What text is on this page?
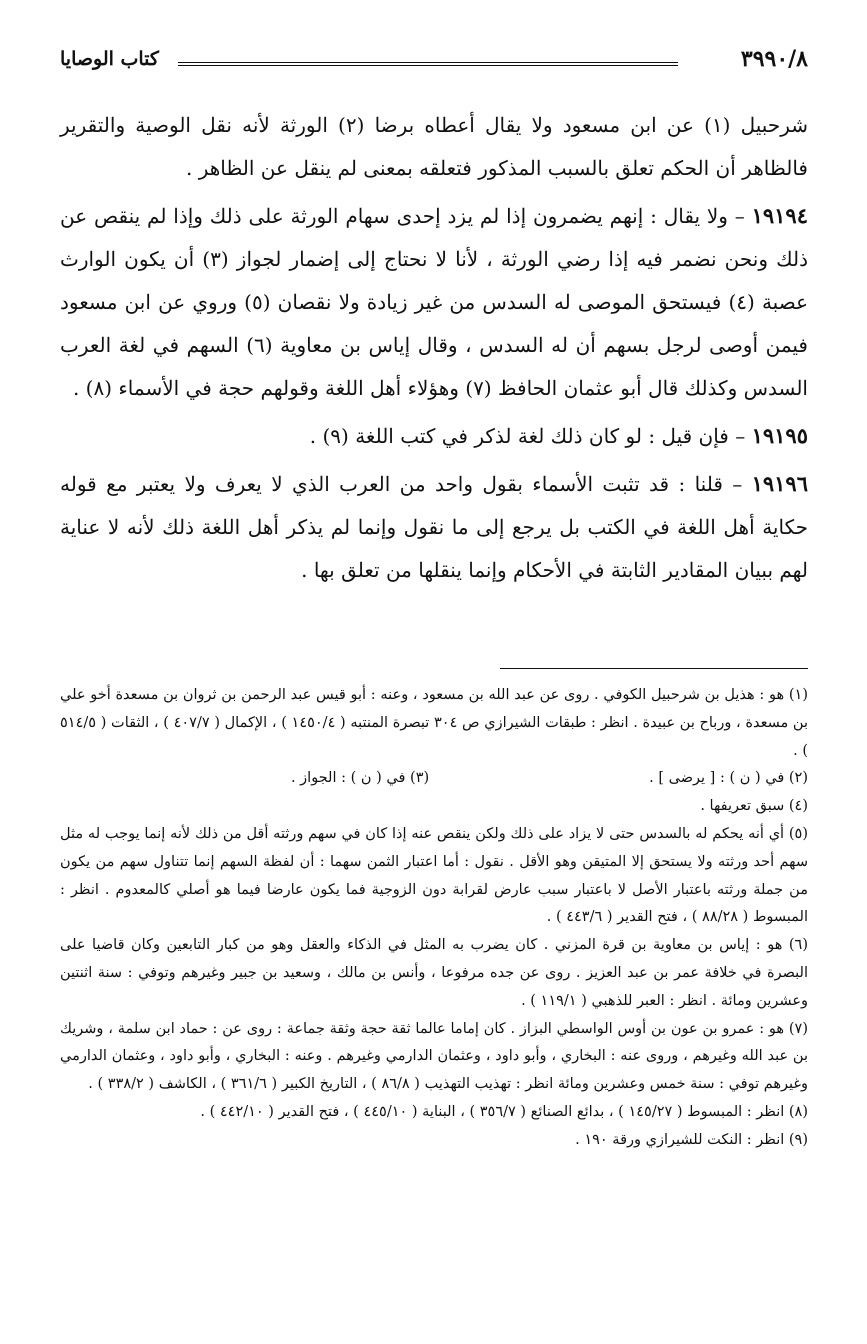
٣٩٩٠/٨
كتاب الوصايا

شرحبيل (١) عن ابن مسعود ولا يقال أعطاه برضا (٢) الورثة لأنه نقل الوصية والتقرير فالظاهر أن الحكم تعلق بالسبب المذكور فتعلقه بمعنى لم ينقل عن الظاهر .

١٩١٩٤ – ولا يقال : إنهم يضمرون إذا لم يزد إحدى سهام الورثة على ذلك وإذا لم ينقص عن ذلك ونحن نضمر فيه إذا رضي الورثة ، لأنا لا نحتاج إلى إضمار لجواز (٣) أن يكون الوارث عصبة (٤) فيستحق الموصى له السدس من غير زيادة ولا نقصان (٥) وروي عن ابن مسعود فيمن أوصى لرجل بسهم أن له السدس ، وقال إياس بن معاوية (٦) السهم في لغة العرب السدس وكذلك قال أبو عثمان الحافظ (٧) وهؤلاء أهل اللغة وقولهم حجة في الأسماء (٨) .

١٩١٩٥ – فإن قيل : لو كان ذلك لغة لذكر في كتب اللغة (٩) .

١٩١٩٦ – قلنا : قد تثبت الأسماء بقول واحد من العرب الذي لا يعرف ولا يعتبر مع قوله حكاية أهل اللغة في الكتب بل يرجع إلى ما نقول وإنما لم يذكر أهل اللغة ذلك لأنه لا عناية لهم ببيان المقادير الثابتة في الأحكام وإنما ينقلها من تعلق بها .

(١) هو : هذيل بن شرحبيل الكوفي . روى عن عبد الله بن مسعود ، وعنه : أبو قيس عبد الرحمن بن ثروان بن مسعدة أخو علي بن مسعدة ، ورباح بن عبيدة . انظر : طبقات الشيرازي ص ٣٠٤ تبصرة المنتبه ( ١٤٥٠/٤ ) ، الإكمال ( ٤٠٧/٧ ) ، الثقات ( ٥١٤/٥ ) .

(٢) في ( ن ) : [ يرضى ] .
(٣) في ( ن ) : الجواز .

(٤) سبق تعريفها .

(٥) أي أنه يحكم له بالسدس حتى لا يزاد على ذلك ولكن ينقص عنه إذا كان في سهم ورثته أقل من ذلك لأنه إنما يوجب له مثل سهم أحد ورثته ولا يستحق إلا المتيقن وهو الأقل . نقول : أما اعتبار الثمن سهما : أن لفظة السهم إنما تتناول سهم من يكون من جملة ورثته باعتبار الأصل لا باعتبار سبب عارض لقرابة دون الزوجية فما يكون عارضا فيما هو أصلي كالمعدوم . انظر : المبسوط ( ٨٨/٢٨ ) ، فتح القدير ( ٤٤٣/٦ ) .

(٦) هو : إياس بن معاوية بن قرة المزني . كان يضرب به المثل في الذكاء والعقل وهو من كبار التابعين وكان قاضيا على البصرة في خلافة عمر بن عبد العزيز . روى عن جده مرفوعا ، وأنس بن مالك ، وسعيد بن جبير وغيرهم وتوفي : سنة اثنتين وعشرين ومائة . انظر : العبر للذهبي ( ١١٩/١ ) .

(٧) هو : عمرو بن عون بن أوس الواسطي البزاز . كان إماما عالما ثقة حجة وثقة جماعة : روى عن : حماد ابن سلمة ، وشريك بن عبد الله وغيرهم ، وروى عنه : البخاري ، وأبو داود ، وعثمان الدارمي وغيرهم . وعنه : البخاري ، وأبو داود ، وعثمان الدارمي وغيرهم توفي : سنة خمس وعشرين ومائة انظر : تهذيب التهذيب ( ٨٦/٨ ) ، التاريخ الكبير ( ٣٦١/٦ ) ، الكاشف ( ٣٣٨/٢ ) .

(٨) انظر : المبسوط ( ١٤٥/٢٧ ) ، بدائع الصنائع ( ٣٥٦/٧ ) ، البناية ( ٤٤٥/١٠ ) ، فتح القدير ( ٤٤٢/١٠ ) .

(٩) انظر : النكت للشيرازي ورقة ١٩٠ .
